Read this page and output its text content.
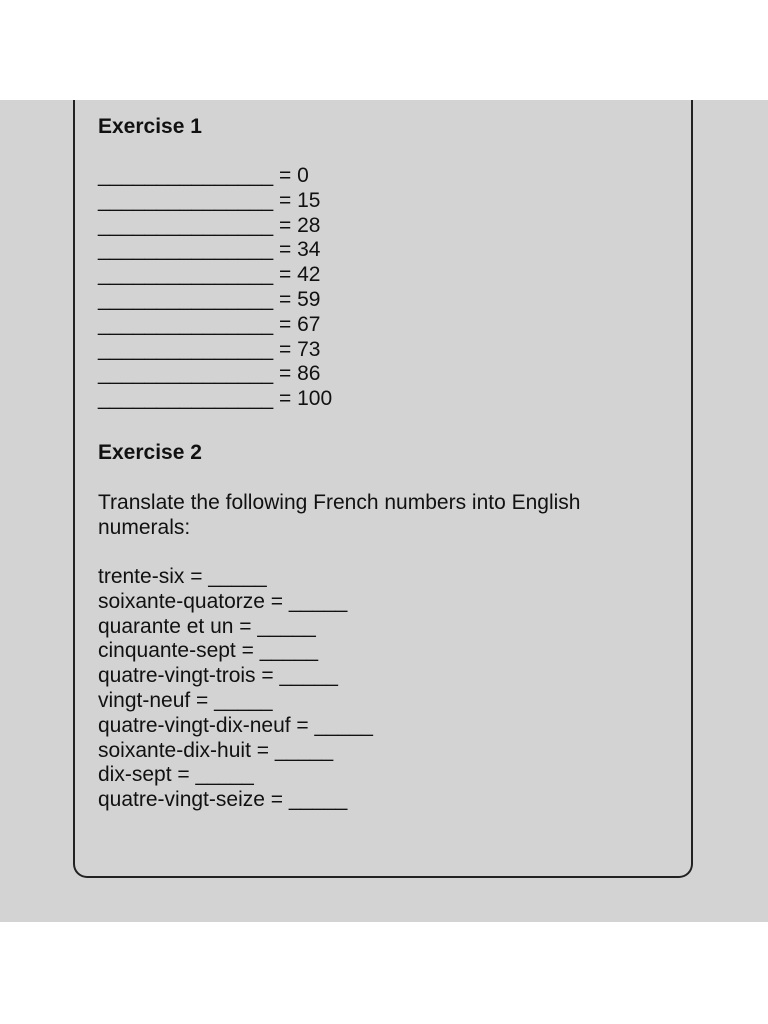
Exercise 1
_______________ = 0
_______________ = 15
_______________ = 28
_______________ = 34
_______________ = 42
_______________ = 59
_______________ = 67
_______________ = 73
_______________ = 86
_______________ = 100
Exercise 2
Translate the following French numbers into English numerals:
trente-six = _____
soixante-quatorze = _____
quarante et un = _____
cinquante-sept = _____
quatre-vingt-trois = _____
vingt-neuf = _____
quatre-vingt-dix-neuf = _____
soixante-dix-huit = _____
dix-sept = _____
quatre-vingt-seize = _____
